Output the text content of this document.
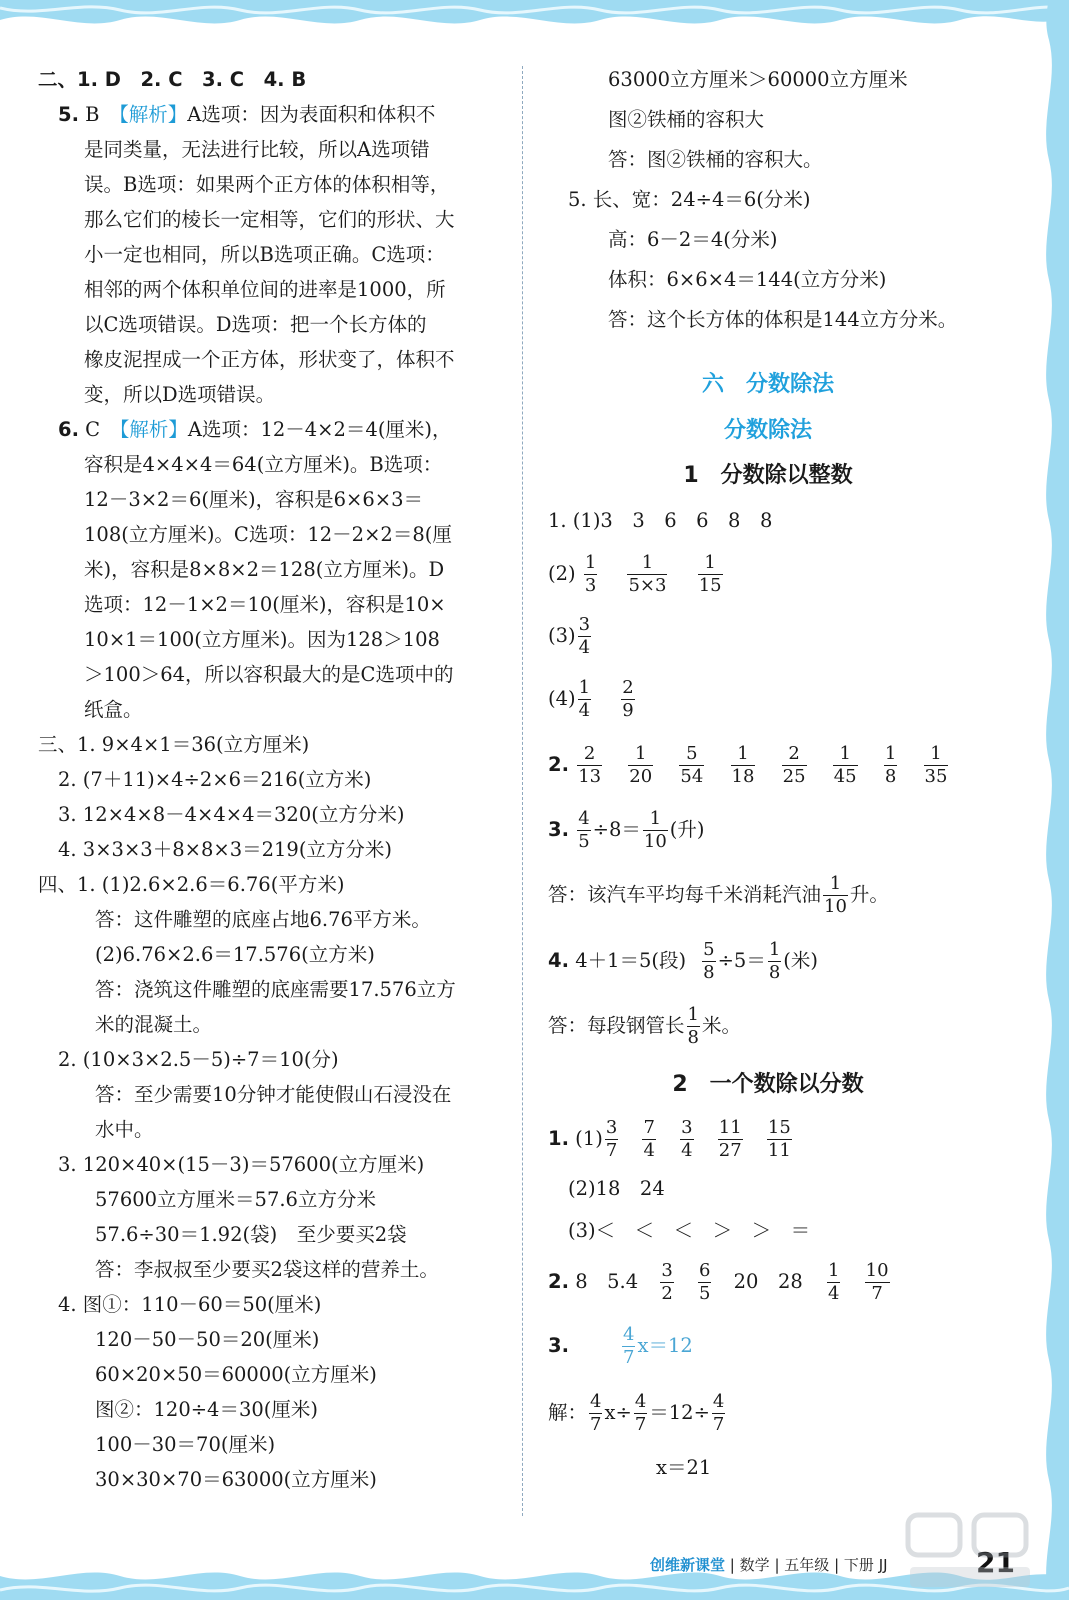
二、1. D　2. C　3. C　4. B
5. B　【解析】A选项：因为表面积和体积不
是同类量，无法进行比较，所以A选项错
误。B选项：如果两个正方体的体积相等，
那么它们的棱长一定相等，它们的形状、大
小一定也相同，所以B选项正确。C选项：
相邻的两个体积单位间的进率是1000，所
以C选项错误。D选项：把一个长方体的
橡皮泥捏成一个正方体，形状变了，体积不
变，所以D选项错误。
6. C　【解析】A选项：12－4×2＝4(厘米)，
容积是4×4×4＝64(立方厘米)。B选项：
12－3×2＝6(厘米)，容积是6×6×3＝
108(立方厘米)。C选项：12－2×2＝8(厘
米)，容积是8×8×2＝128(立方厘米)。D
选项：12－1×2＝10(厘米)，容积是10×
10×1＝100(立方厘米)。因为128＞108
＞100＞64，所以容积最大的是C选项中的
纸盒。
三、1. 9×4×1＝36(立方厘米)
2. (7＋11)×4÷2×6＝216(立方米)
3. 12×4×8－4×4×4＝320(立方分米)
4. 3×3×3＋8×8×3＝219(立方分米)
四、1. (1)2.6×2.6＝6.76(平方米)
答：这件雕塑的底座占地6.76平方米。
(2)6.76×2.6＝17.576(立方米)
答：浇筑这件雕塑的底座需要17.576立方
米的混凝土。
2. (10×3×2.5－5)÷7＝10(分)
答：至少需要10分钟才能使假山石浸没在
水中。
3. 120×40×(15－3)＝57600(立方厘米)
57600立方厘米＝57.6立方分米
57.6÷30＝1.92(袋)　至少要买2袋
答：李叔叔至少要买2袋这样的营养土。
4. 图①：110－60＝50(厘米)
120－50－50＝20(厘米)
60×20×50＝60000(立方厘米)
图②：120÷4＝30(厘米)
100－30＝70(厘米)
30×30×70＝63000(立方厘米)
63000立方厘米＞60000立方厘米
图②铁桶的容积大
答：图②铁桶的容积大。
5. 长、宽：24÷4＝6(分米)
高：6－2＝4(分米)
体积：6×6×4＝144(立方分米)
答：这个长方体的体积是144立方分米。
六　分数除法
分数除法
1　分数除以整数
1. (1)3　3　6　6　8　8
$(2) \frac{1}{3}$
$\frac{1}{5\times 3}$
$\frac{1}{15}$
$(3) \frac{3}{4}$
$(4) \frac{1}{4}$
$\frac{2}{9}$
2. $\frac{2}{13}$
$\frac{1}{20}$
$\frac{5}{54}$
$\frac{1}{18}$
$\frac{2}{25}$
$\frac{1}{45}$
$\frac{1}{8}$
$\frac{1}{35}$
3. $\frac{4}{5} \div 8= \frac{1}{10}$ (升)
答：该汽车平均每千米消耗汽油 $\frac{1}{10}$ 升。
4. 4＋1＝5(段) $\frac{5}{8} \div 5= \frac{1}{8}$ (米)
答：每段钢管长 $\frac{1}{8}$ 米。
2　一个数除以分数
1. $(1) \frac{3}{7}$
$\frac{7}{4}$
$\frac{3}{4}$
$\frac{11}{27}$
$\frac{15}{11}$
(2)18　24
(3)＜　＜　＜　＞　＞　＝
2. 8　$5.4 \frac{3}{2}$
$\frac{6}{5} 20$　$28 \frac{1}{4}$
$\frac{10}{7}$
3.	$\frac{4}{7} x=12$
解： $\frac{4}{7} x\div \frac{4}{7} =12\div \frac{4}{7}$
x＝21
创维新课堂 | 数学 | 五年级 | 下册 JJ	21
